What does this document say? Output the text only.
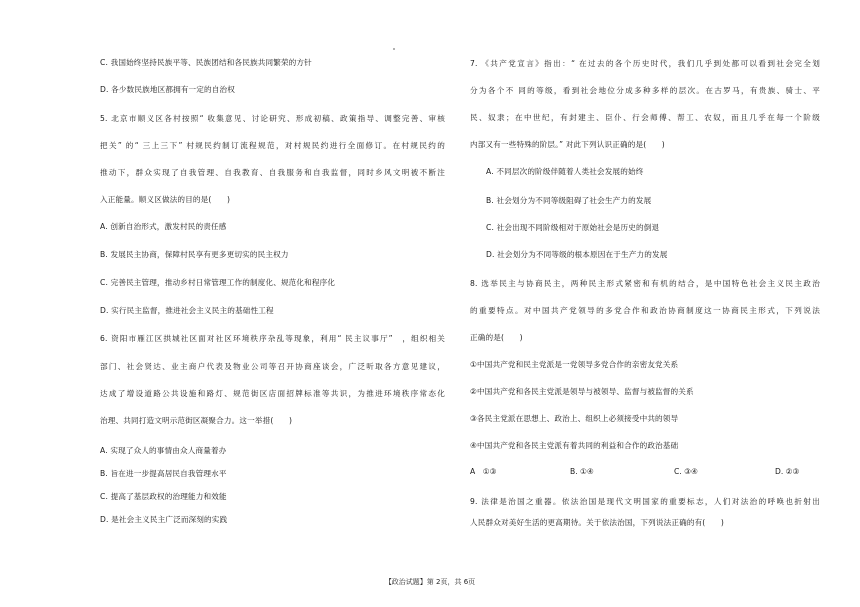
C. 我国始终坚持民族平等、民族团结和各民族共同繁荣的方针
D. 各少数民族地区都拥有一定的自治权
5. 北京市顺义区各村按照“ 收集意见、讨论研究、形成初稿、政策指导、调整完善、审核
把关” 的“ 三上三下” 村规民约制订流程规范，对村规民约进行全面修订。在村规民约的
推动下，群众实现了自我管理、自我教育、自我服务和自我监督，同时乡风文明被不断注
入正能量。顺义区做法的目的是(　　)
A. 创新自治形式，激发村民的责任感
B. 发展民主协商，保障村民享有更多更切实的民主权力
C. 完善民主管理，推动乡村日常管理工作的制度化、规范化和程序化
D. 实行民主监督，推进社会主义民主的基础性工程
6. 资阳市雁江区拱城社区面对社区环境秩序杂乱等现象，利用“ 民主议事厅”　，组织相关
部门、社会贤达、业主商户代表及物业公司等召开协商座谈会，广泛听取各方意见建议，
达成了增设道路公共设施和路灯、规范街区店面招牌标准等共识，为推进环境秩序常态化
治理、共同打造文明示范街区凝聚合力。这一举措(　　)
A. 实现了众人的事情由众人商量着办
B. 旨在进一步提高居民自我管理水平
C. 提高了基层政权的治理能力和效能
D. 是社会主义民主广泛而深刻的实践
7. 《共产党宣言》指出：“ 在过去的各个历史时代，我们几乎到处都可以看到社会完全划
分为各个不 同的等级，看到社会地位分成多种多样的层次。在古罗马，有贵族、骑士、平
民、奴隶；在中世纪，有封建主、臣仆、行会师傅、帮工、农奴，而且几乎在每一个阶级
内部又有一些特殊的阶层。” 对此下列认识正确的是(　　)
A. 不同层次的阶级伴随着人类社会发展的始终
B. 社会划分为不同等级阻碍了社会生产力的发展
C. 社会出现不同阶级相对于原始社会是历史的倒退
D. 社会划分为不同等级的根本原因在于生产力的发展
8. 选举民主与协商民主，两种民主形式紧密和有机的结合，是中国特色社会主义民主政治
的重要特点。对中国共产党领导的多党合作和政治协商制度这一协商民主形式，下列说法
正确的是(　　)
①中国共产党和民主党派是一党领导多党合作的亲密友党关系
②中国共产党和各民主党派是领导与被领导、监督与被监督的关系
③各民主党派在思想上、政治上、组织上必须接受中共的领导
④中国共产党和各民主党派有着共同的利益和合作的政治基础
A　①③	B. ①④	C. ③④	D. ②③
9. 法律是治国之重器。依法治国是现代文明国家的重要标志，人们对法治的呼唤也折射出
人民群众对美好生活的更高期待。关于依法治国，下列说法正确的有(　　)
【政治试题】第 2页，共 6页
